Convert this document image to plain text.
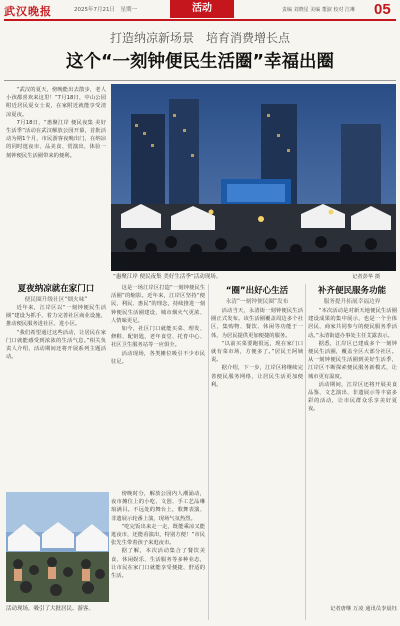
武汉晚报	2025年7月21日　星期一	活动	责编 刘晓星 美编 董淑 校对 江琳 05
打造纳凉新场景　培育消费增长点
这个“一刻钟便民生活圈”幸福出圈

“武汉的夏天，傍晚能出去散步，老人小孩都喜欢来这里！”7月18日，中山公园附近居民夏女士说，在家附近就能享受清凉夏夜。

7月18日，“惠聚江岸 便民夜集 美好生活季”活动在武汉解放公园开幕，首批活动为期1个月，市民游客夜晚出门，在纳凉的同时逛夜市、品美食、赏演出，体验一刻钟便民生活圈带来的便利。

“惠聚江岸 便民夜集 美好生活季”活动现场。	记者彭华 摄

这是一场江岸区打造“一刻钟便民生活圈”的缩影。近年来，江岸区坚持“便民、利民、惠民”的理念，持续推进一刻钟便民生活圈建设，城市烟火气更浓、人情味更足。

如今，社区门口就能买菜、理发、修鞋、配钥匙，老年食堂、托育中心、社区卫生服务站等一应俱全。

活动现场，各类摊位吸引不少市民驻足。

夏夜纳凉就在家门口
便民圈升级社区“烟火味”

近年来，江岸区以“一刻钟便民生活圈”建设为抓手，着力完善社区商业设施，推动便民服务进社区、进小区。

“我们希望通过这些活动，让居民在家门口就能感受到浓浓的生活气息。”相关负责人介绍，活动期间还将开展系列主题活动。

活动现场，吸引了大批居民、游客。

傍晚时分，解放公园内人潮涌动，夜市摊位上的小吃、文创、手工艺品琳琅满目。不远处的舞台上，歌舞表演、非遗展示轮番上演，现场气氛热烈。

“吃完饭出来走一走，既能乘凉又能逛夜市，还能看演出，特别方便！”市民张先生带着孩子来逛夜市。

据了解，本次活动集合了餐饮美食、休闲娱乐、生活服务等多种业态，让市民在家门口就能享受便捷、舒适的生活。

“圈”出好心生活
永清“一刻钟便民圈”发布

活动当天，永清街一刻钟便民生活圈正式发布。该生活圈覆盖周边多个社区，集购物、餐饮、休闲等功能于一体，为居民提供更加便捷的服务。

“以前买菜要跑很远，现在家门口就有菜市场，方便多了。”居民王阿姨说。

据介绍，下一步，江岸区将继续完善便民服务网络，让居民生活更加便利。

补齐便民服务功能
服务提升拓展幸福边界

“本次活动是对新天地便民生活圈建设成果的集中展示，也是一个全体居民、商家共同参与的便民服务季活动。”永清街道办事处主任艾露表示。

据悉，江岸区已建成多个一刻钟便民生活圈，覆盖全区大部分社区。从一刻钟便民生活圈到美好生活季，江岸区不断探索便民服务新模式，让城市更有温度。

活动期间，江岸区还将开展美食品鉴、文艺演出、非遗展示等丰富多彩的活动，让市民群众乐享美好夏夜。

记者唐继 万凌 通讯员李晨钰
